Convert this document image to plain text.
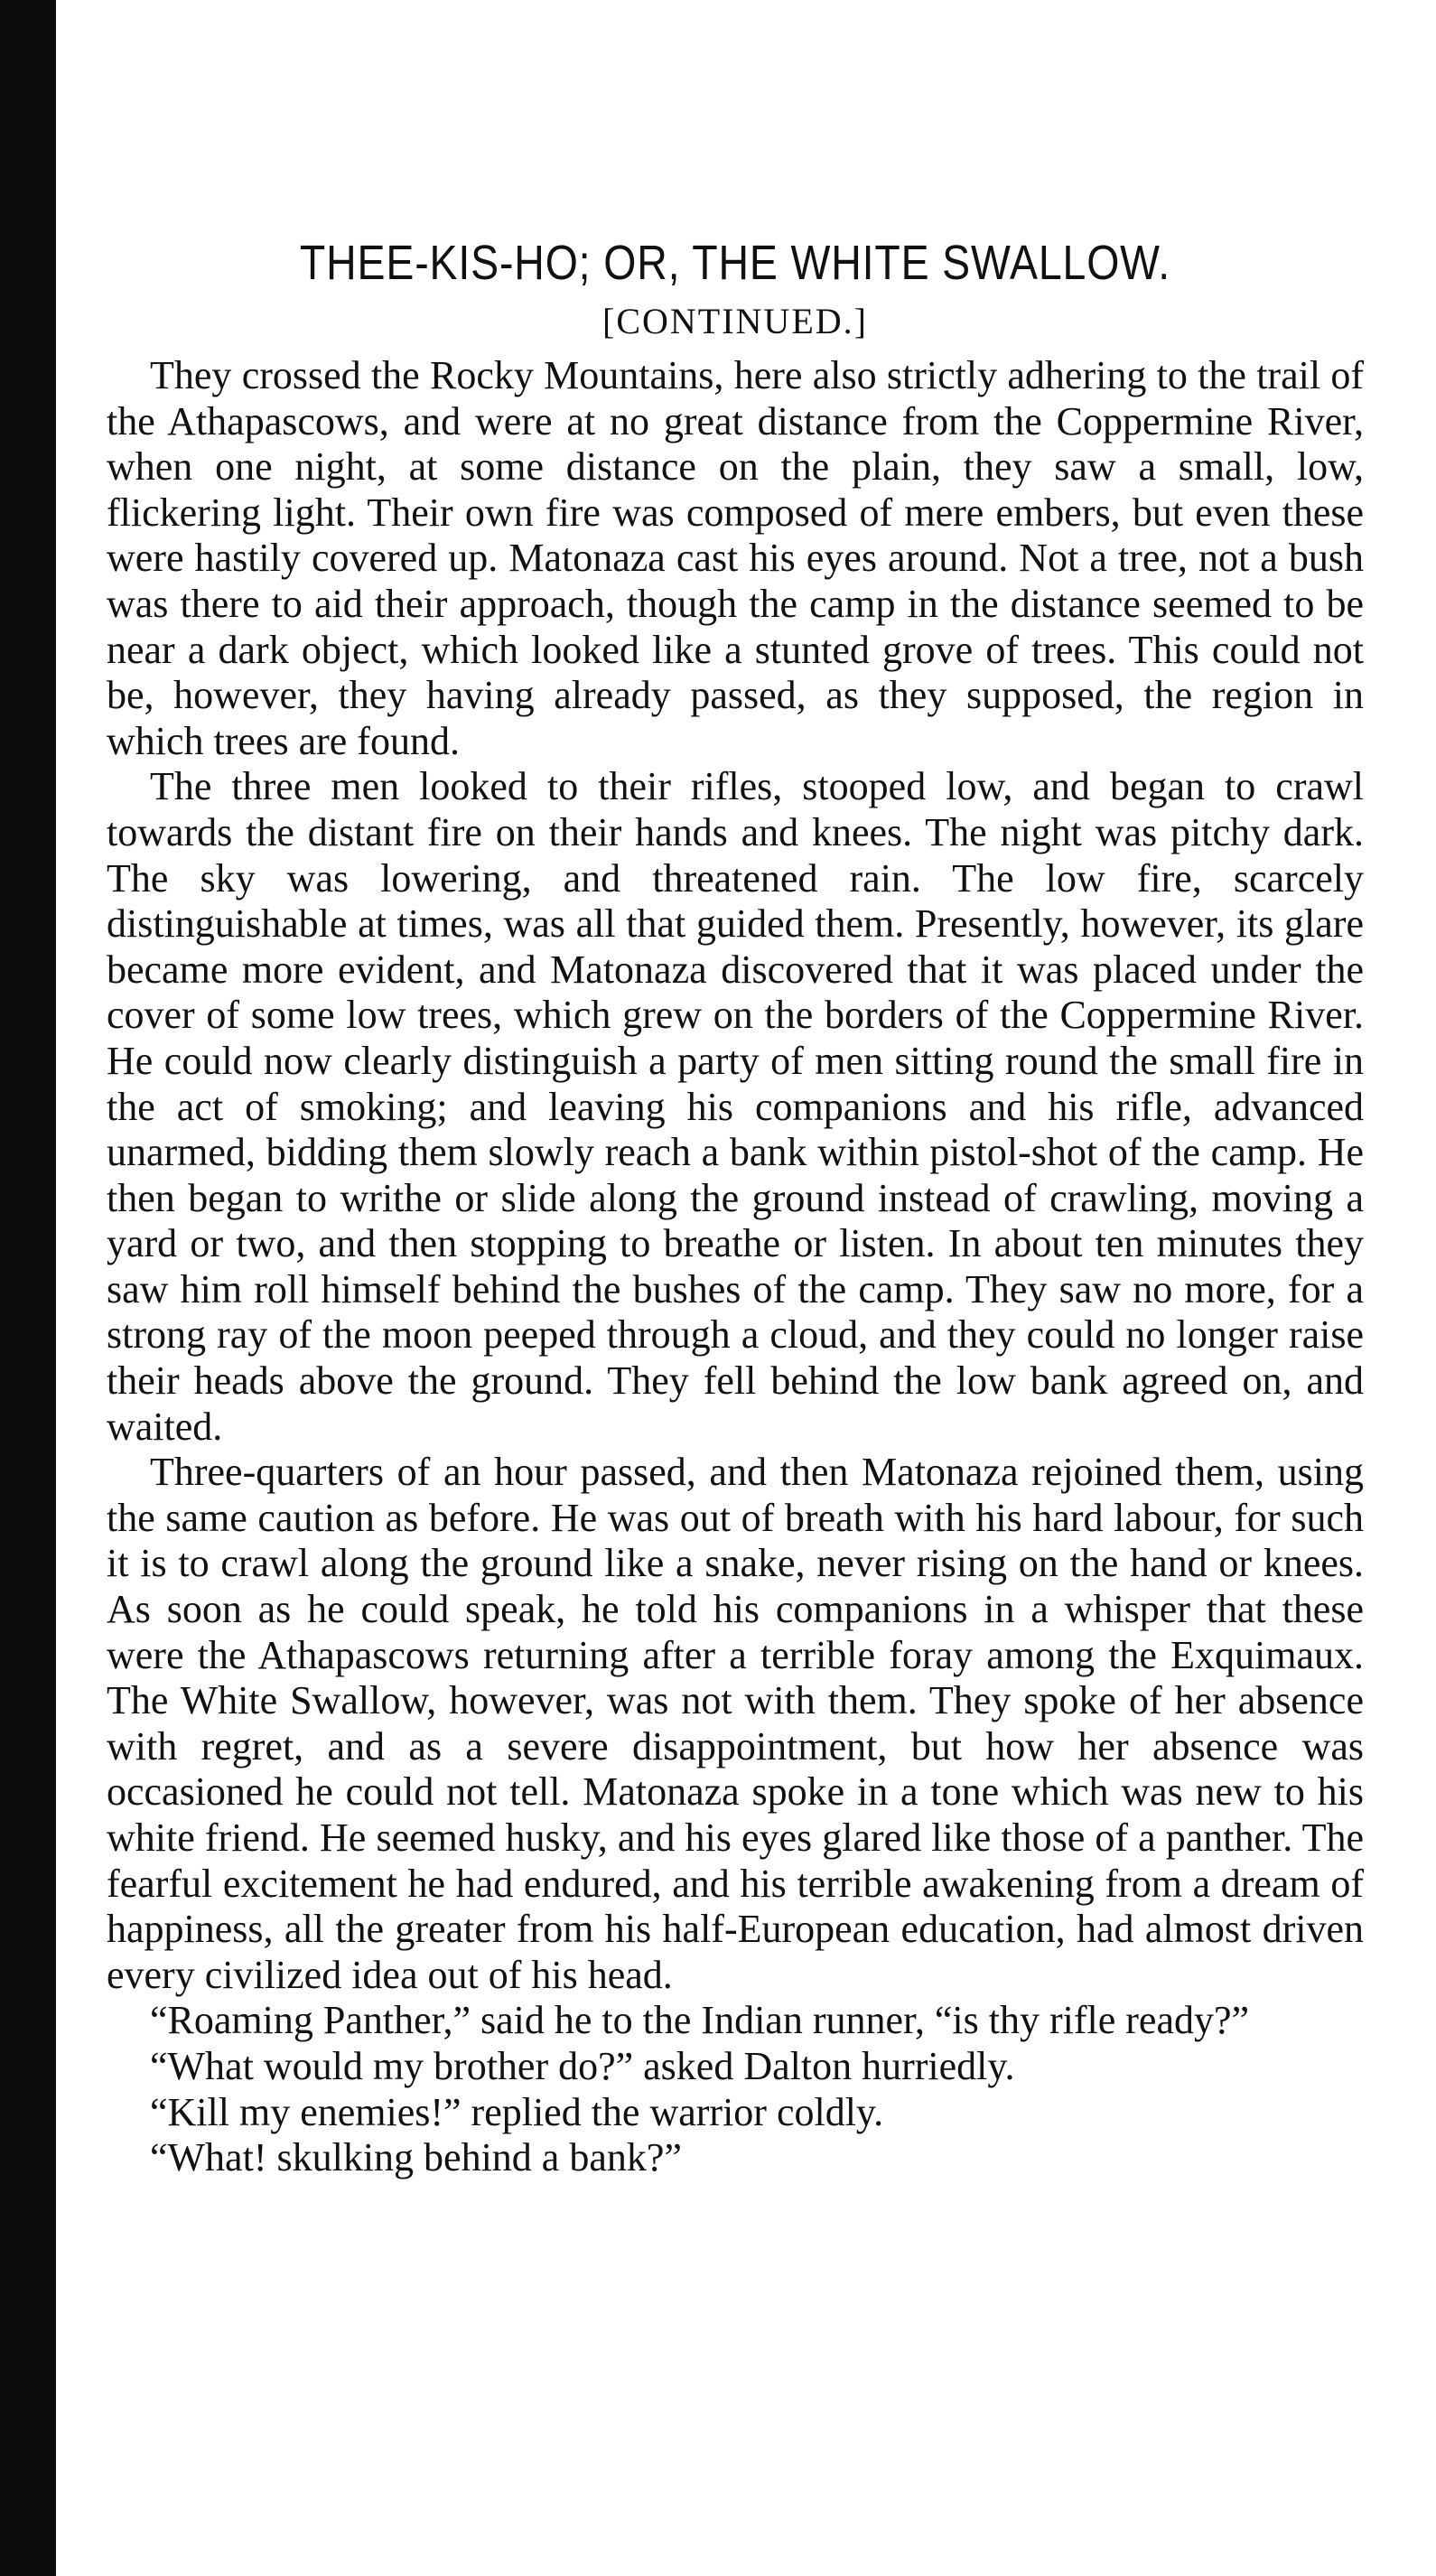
THEE-KIS-HO; OR, THE WHITE SWALLOW.
[CONTINUED.]

They crossed the Rocky Mountains, here also strictly adhering to the trail of the Athapascows, and were at no great distance from the Coppermine River, when one night, at some distance on the plain, they saw a small, low, flickering light. Their own fire was composed of mere embers, but even these were hastily covered up. Matonaza cast his eyes around. Not a tree, not a bush was there to aid their approach, though the camp in the distance seemed to be near a dark object, which looked like a stunted grove of trees. This could not be, however, they having already passed, as they supposed, the region in which trees are found.

The three men looked to their rifles, stooped low, and began to crawl towards the distant fire on their hands and knees. The night was pitchy dark. The sky was lowering, and threatened rain. The low fire, scarcely distinguishable at times, was all that guided them. Presently, however, its glare became more evident, and Matonaza discovered that it was placed under the cover of some low trees, which grew on the borders of the Coppermine River. He could now clearly distinguish a party of men sitting round the small fire in the act of smoking; and leaving his companions and his rifle, advanced unarmed, bidding them slowly reach a bank within pistol-shot of the camp. He then began to writhe or slide along the ground instead of crawling, moving a yard or two, and then stopping to breathe or listen. In about ten minutes they saw him roll himself behind the bushes of the camp. They saw no more, for a strong ray of the moon peeped through a cloud, and they could no longer raise their heads above the ground. They fell behind the low bank agreed on, and waited.

Three-quarters of an hour passed, and then Matonaza rejoined them, using the same caution as before. He was out of breath with his hard labour, for such it is to crawl along the ground like a snake, never rising on the hand or knees. As soon as he could speak, he told his companions in a whisper that these were the Athapascows returning after a terrible foray among the Exquimaux. The White Swallow, however, was not with them. They spoke of her absence with regret, and as a severe disappointment, but how her absence was occasioned he could not tell. Matonaza spoke in a tone which was new to his white friend. He seemed husky, and his eyes glared like those of a panther. The fearful excitement he had endured, and his terrible awakening from a dream of happiness, all the greater from his half-European education, had almost driven every civilized idea out of his head.

“Roaming Panther,” said he to the Indian runner, “is thy rifle ready?”

“What would my brother do?” asked Dalton hurriedly.

“Kill my enemies!” replied the warrior coldly.

“What! skulking behind a bank?”
